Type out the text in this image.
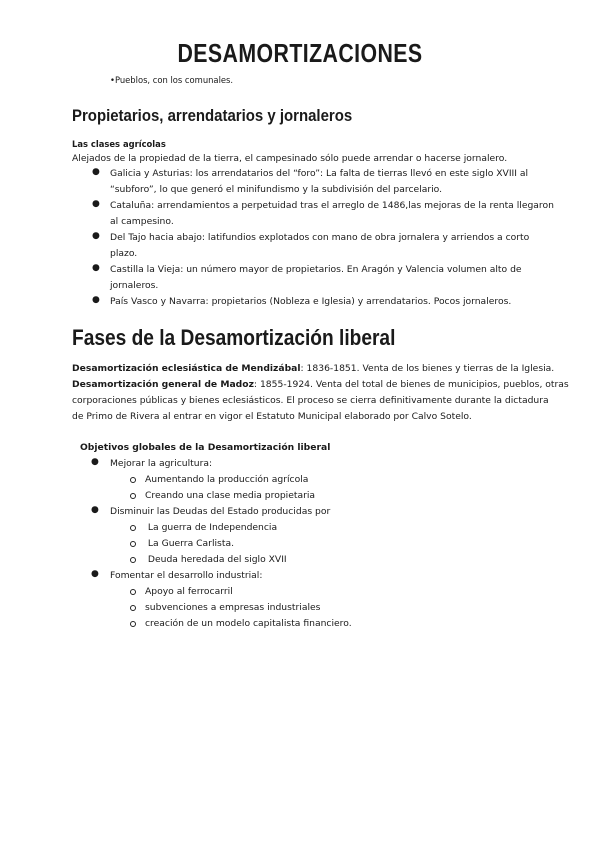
DESAMORTIZACIONES
•Pueblos, con los comunales.
Propietarios, arrendatarios y jornaleros
Las clases agrícolas
Alejados de la propiedad de la tierra, el campesinado sólo puede arrendar o hacerse jornalero.
● Galicia y Asturias: los arrendatarios del “foro”: La falta de tierras llevó en este siglo XVIII al
“subforo”, lo que generó el minifundismo y la subdivisión del parcelario.
● Cataluña: arrendamientos a perpetuidad tras el arreglo de 1486,las mejoras de la renta llegaron
al campesino.
● Del Tajo hacia abajo: latifundios explotados con mano de obra jornalera y arriendos a corto
plazo.
● Castilla la Vieja: un número mayor de propietarios. En Aragón y Valencia volumen alto de
jornaleros.
● País Vasco y Navarra: propietarios (Nobleza e Iglesia) y arrendatarios. Pocos jornaleros.
Fases de la Desamortización liberal
Desamortización eclesiástica de Mendizábal: 1836-1851. Venta de los bienes y tierras de la Iglesia.
Desamortización general de Madoz: 1855-1924. Venta del total de bienes de municipios, pueblos, otras
corporaciones públicas y bienes eclesiásticos. El proceso se cierra definitivamente durante la dictadura
de Primo de Rivera al entrar en vigor el Estatuto Municipal elaborado por Calvo Sotelo.
Objetivos globales de la Desamortización liberal
● Mejorar la agricultura:
Aumentando la producción agrícola
Creando una clase media propietaria
● Disminuir las Deudas del Estado producidas por
La guerra de Independencia
La Guerra Carlista.
Deuda heredada del siglo XVII
● Fomentar el desarrollo industrial:
Apoyo al ferrocarril
subvenciones a empresas industriales
creación de un modelo capitalista financiero.
